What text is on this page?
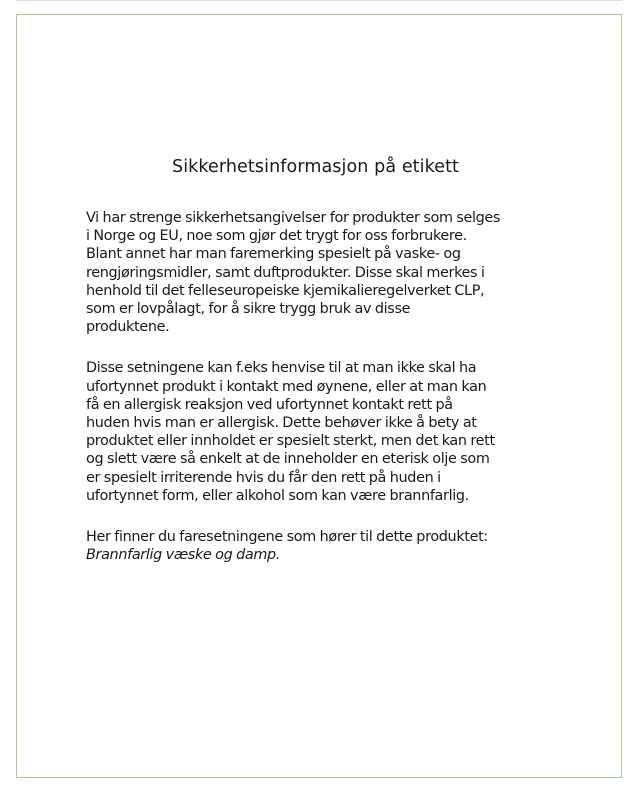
Sikkerhetsinformasjon på etikett

Vi har strenge sikkerhetsangivelser for produkter som selges
i Norge og EU, noe som gjør det trygt for oss forbrukere.
Blant annet har man faremerking spesielt på vaske- og
rengjøringsmidler, samt duftprodukter. Disse skal merkes i
henhold til det felleseuropeiske kjemikalieregelverket CLP,
som er lovpålagt, for å sikre trygg bruk av disse
produktene.

Disse setningene kan f.eks henvise til at man ikke skal ha
ufortynnet produkt i kontakt med øynene, eller at man kan
få en allergisk reaksjon ved ufortynnet kontakt rett på
huden hvis man er allergisk. Dette behøver ikke å bety at
produktet eller innholdet er spesielt sterkt, men det kan rett
og slett være så enkelt at de inneholder en eterisk olje som
er spesielt irriterende hvis du får den rett på huden i
ufortynnet form, eller alkohol som kan være brannfarlig.

Her finner du faresetningene som hører til dette produktet:
Brannfarlig væske og damp.
